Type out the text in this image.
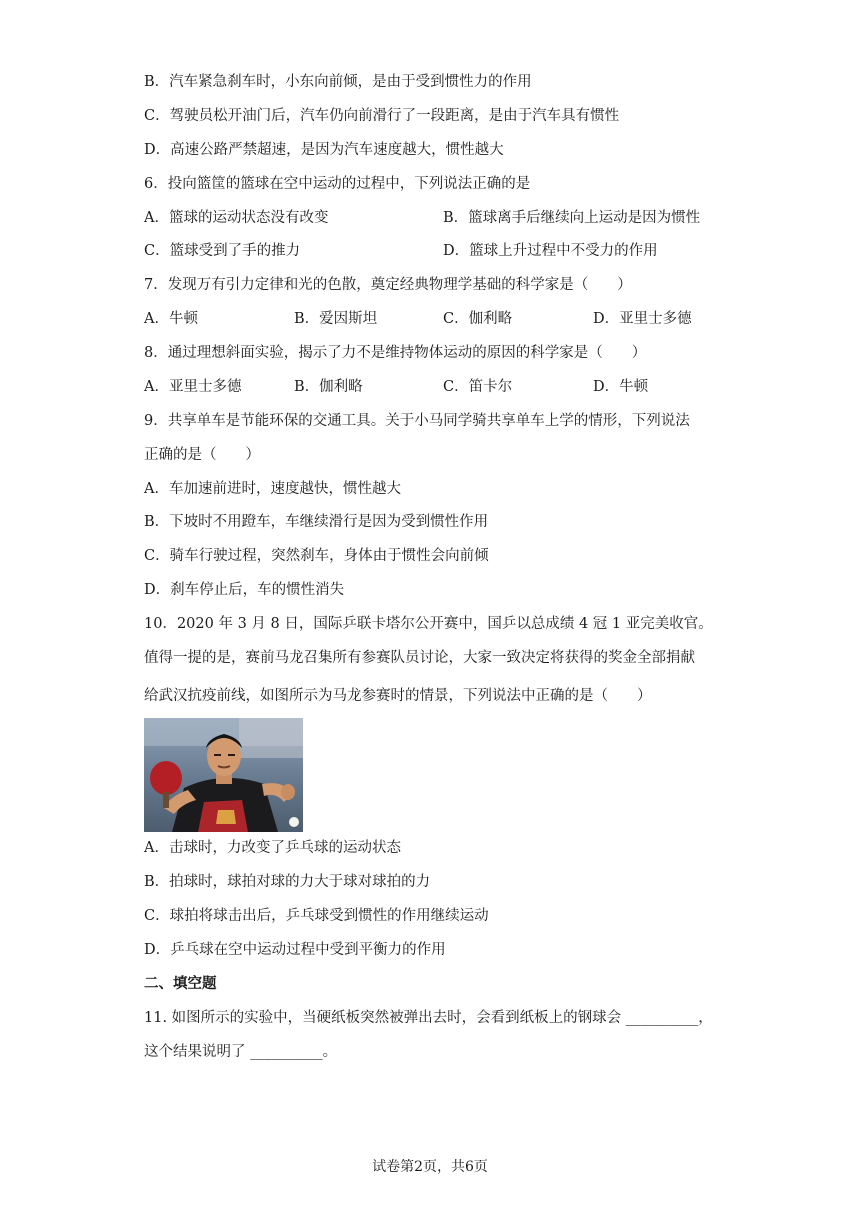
B．汽车紧急刹车时，小东向前倾，是由于受到惯性力的作用
C．驾驶员松开油门后，汽车仍向前滑行了一段距离，是由于汽车具有惯性
D．高速公路严禁超速，是因为汽车速度越大，惯性越大
6．投向篮筐的篮球在空中运动的过程中，下列说法正确的是
A．篮球的运动状态没有改变	B．篮球离手后继续向上运动是因为惯性
C．篮球受到了手的推力	D．篮球上升过程中不受力的作用
7．发现万有引力定律和光的色散，奠定经典物理学基础的科学家是（　　）
A．牛顿	B．爱因斯坦	C．伽利略	D．亚里士多德
8．通过理想斜面实验，揭示了力不是维持物体运动的原因的科学家是（　　）
A．亚里士多德	B．伽利略	C．笛卡尔	D．牛顿
9．共享单车是节能环保的交通工具。关于小马同学骑共享单车上学的情形，下列说法
正确的是（　　）
A．车加速前进时，速度越快，惯性越大
B．下坡时不用蹬车，车继续滑行是因为受到惯性作用
C．骑车行驶过程，突然刹车，身体由于惯性会向前倾
D．刹车停止后，车的惯性消失
10．2020 年 3 月 8 日，国际乒联卡塔尔公开赛中，国乒以总成绩 4 冠 1 亚完美收官。
值得一提的是，赛前马龙召集所有参赛队员讨论，大家一致决定将获得的奖金全部捐献
给武汉抗疫前线，如图所示为马龙参赛时的情景，下列说法中正确的是（　　）
A．击球时，力改变了乒乓球的运动状态
B．拍球时，球拍对球的力大于球对球拍的力
C．球拍将球击出后，乒乓球受到惯性的作用继续运动
D．乒乓球在空中运动过程中受到平衡力的作用
二、填空题
11. 如图所示的实验中，当硬纸板突然被弹出去时，会看到纸板上的钢球会 __________，
这个结果说明了 __________。
试卷第2页，共6页
